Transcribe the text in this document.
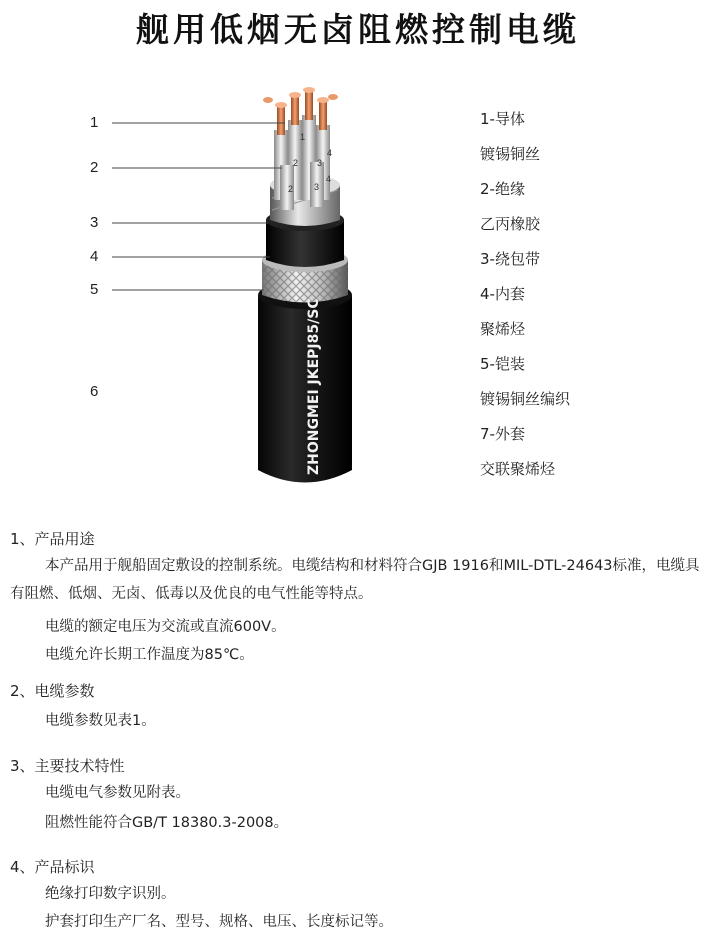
舰用低烟无卤阻燃控制电缆
2 3
4
2
1
3
4
ZHONGMEI JKEPJ85/SC
1
2
3
4
5
6
1-导体
镀锡铜丝
2-绝缘
乙丙橡胶
3-绕包带
4-内套
聚烯烃
5-铠装
镀锡铜丝编织
7-外套
交联聚烯烃
1、产品用途
本产品用于舰船固定敷设的控制系统。电缆结构和材料符合GJB 1916和MIL-DTL-24643标准，电缆具有阻燃、低烟、无卤、低毒以及优良的电气性能等特点。
电缆的额定电压为交流或直流600V。
电缆允许长期工作温度为85℃。
2、电缆参数
电缆参数见表1。
3、主要技术特性
电缆电气参数见附表。
阻燃性能符合GB/T 18380.3-2008。
4、产品标识
绝缘打印数字识别。
护套打印生产厂名、型号、规格、电压、长度标记等。
